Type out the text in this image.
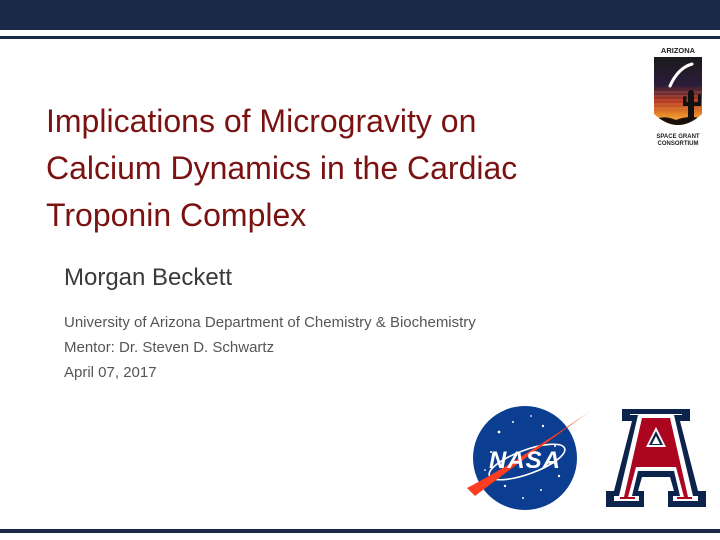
ARIZONA
SPACE GRANT
CONSORTIUM
Implications of Microgravity on
Calcium Dynamics in the Cardiac
Troponin Complex
Morgan Beckett
University of Arizona Department of Chemistry & Biochemistry
Mentor: Dr. Steven D. Schwartz
April 07, 2017
NASA
